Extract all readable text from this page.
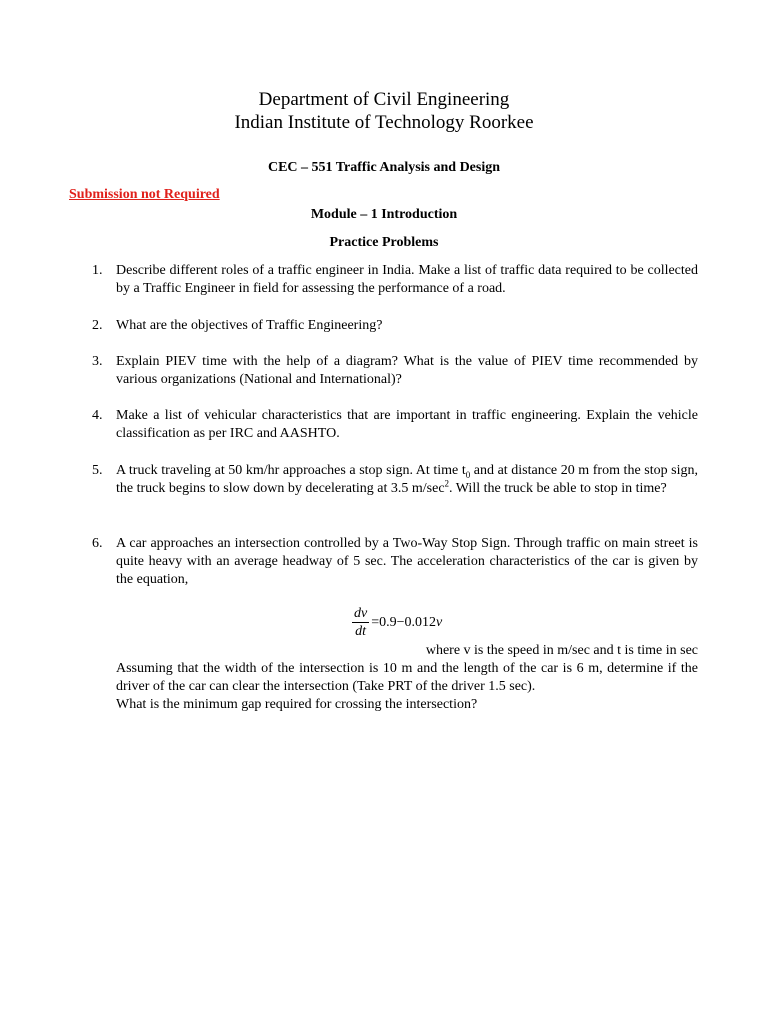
Department of Civil Engineering
Indian Institute of Technology Roorkee
CEC – 551 Traffic Analysis and Design
Submission not Required
Module – 1 Introduction
Practice Problems
1. Describe different roles of a traffic engineer in India. Make a list of traffic data required to be collected by a Traffic Engineer in field for assessing the performance of a road.
2. What are the objectives of Traffic Engineering?
3. Explain PIEV time with the help of a diagram? What is the value of PIEV time recommended by various organizations (National and International)?
4. Make a list of vehicular characteristics that are important in traffic engineering. Explain the vehicle classification as per IRC and AASHTO.
5. A truck traveling at 50 km/hr approaches a stop sign. At time $t_0$ and at distance 20 m from the stop sign, the truck begins to slow down by decelerating at 3.5 $m/\sec^2$. Will the truck be able to stop in time?
6. A car approaches an intersection controlled by a Two-Way Stop Sign. Through traffic on main street is quite heavy with an average headway of 5 sec. The acceleration characteristics of the car is given by the equation,
$\frac{dv}{dt} =0.9-0.012$ v
where v is the speed in m/sec and t is time in sec
Assuming that the width of the intersection is 10 m and the length of the car is 6 m, determine if the driver of the car can clear the intersection (Take PRT of the driver 1.5 sec).
What is the minimum gap required for crossing the intersection?
